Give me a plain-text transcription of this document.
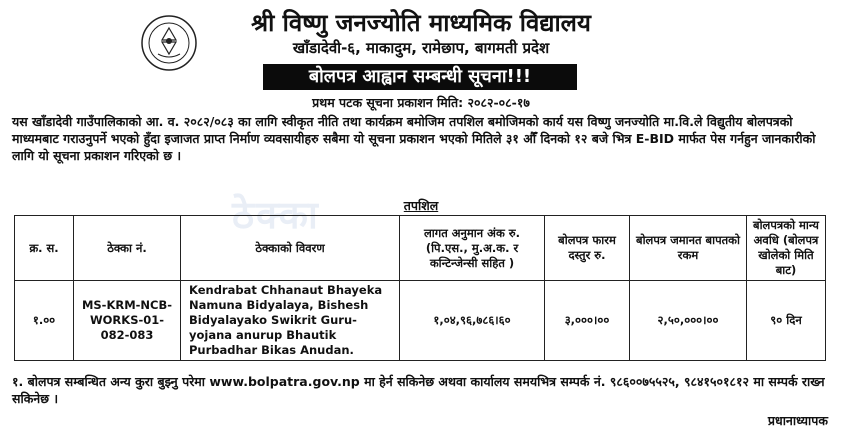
श्री विष्णु जनज्योति माध्यमिक विद्यालय
खाँडादेवी-६, माकादुम, रामेछाप, बागमती प्रदेश
बोलपत्र आह्वान सम्बन्धी सूचना!!!
प्रथम पटक सूचना प्रकाशन मिति: २०८२-०८-१७
यस खाँडादेवी गाउँपालिकाको आ. व. २०८२/०८३ का लागि स्वीकृत नीति तथा कार्यक्रम बमोजिम तपशिल बमोजिमको कार्य यस विष्णु जनज्योति मा.वि.ले विद्युतीय बोलपत्रको माध्यमबाट गराउनुपर्ने भएको हुँदा इजाजत प्राप्त निर्माण व्यवसायीहरु सबैमा यो सूचना प्रकाशन भएको मितिले ३१ औँ दिनको १२ बजे भित्र E-BID मार्फत पेस गर्नहुन जानकारीको लागि यो सूचना प्रकाशन गरिएको छ ।
ठेक्का	तपशिल
क्र. स.	ठेक्का नं.	ठेक्काको विवरण	लागत अनुमान अंक रु. (पि.एस., मु.अ.क. र कन्टिन्जेन्सी सहित )	बोलपत्र फारम दस्तुर रु.	बोलपत्र जमानत बापतको रकम	बोलपत्रको मान्य अवधि (बोलपत्र खोलेको मिति बाट)
१.००	MS-KRM-NCB-WORKS-01-082-083	Kendrabat Chhanaut Bhayeka Namuna Bidyalaya, Bishesh Bidyalayako Swikrit Guru-yojana anurup Bhautik Purbadhar Bikas Anudan.	१,०४,९६,७८६।६०	३,०००।००	२,५०,०००।००	९० दिन
१. बोलपत्र सम्बन्धित अन्य कुरा बुझ्नु परेमा www.bolpatra.gov.np मा हेर्न सकिनेछ अथवा कार्यालय समयभित्र सम्पर्क नं. ९८६००७५५२५, ९८४१५०१८१२ मा सम्पर्क राख्न सकिनेछ ।
प्रधानाध्यापक
